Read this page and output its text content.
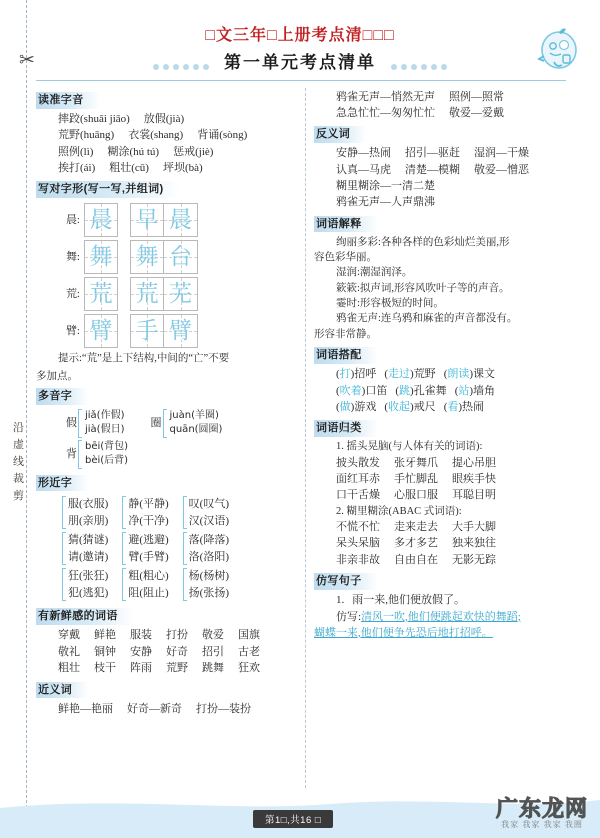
✂
沿
虚
线
裁
剪
□文三年□上册考点清□□□
第一单元考点清单
读准字音
摔跤(shuāi jiāo) 放假(jià)
荒野(huāng) 衣裳(shang) 背诵(sòng)
照例(lì) 糊涂(hú tú) 惩戒(jiè)
挨打(ái) 粗壮(cū) 坪坝(bà)
写对字形(写一写,并组词)
晨: 晨 早 晨
舞: 舞 舞 台
荒: 荒 荒 芜
臂: 臂 手 臂
提示:“荒”是上下结构,中间的“亡”不要
多加点。
多音字
假
jiǎ(作假)
jià(假日)
圈
juàn(羊圈)
quān(圆圈)
背
bēi(背包)
bèi(后背)
形近字
服(衣服)
朋(亲朋)
静(平静)
净(干净)
叹(叹气)
汉(汉语)
猜(猜谜)
请(邀请)
避(逃避)
臂(手臂)
落(降落)
洛(洛阳)
狂(张狂)
犯(逃犯)
粗(粗心)
阻(阻止)
杨(杨树)
扬(张扬)
有新鲜感的词语
穿戴 鲜艳 服装 打扮 敬爱 国旗
敬礼 铜钟 安静 好奇 招引 古老
粗壮 枝干 阵雨 荒野 跳舞 狂欢
近义词
鲜艳—艳丽 好奇—新奇 打扮—装扮
鸦雀无声—悄然无声 照例—照常
急急忙忙—匆匆忙忙 敬爱—爱戴
反义词
安静—热闹 招引—驱赶 湿润—干燥
认真—马虎 清楚—模糊 敬爱—憎恶
糊里糊涂—一清二楚
鸦雀无声—人声鼎沸
词语解释
绚丽多彩:各种各样的色彩灿烂美丽,形
容色彩华丽。
湿润:潮湿润泽。
簌簌:拟声词,形容风吹叶子等的声音。
霎时:形容极短的时间。
鸦雀无声:连乌鸦和麻雀的声音都没有。
形容非常静。
词语搭配
(打)招呼 (走过)荒野 (朗读)课文
(吹着)口笛 (跳)孔雀舞 (站)墙角
(做)游戏 (收起)戒尺 (看)热闹
词语归类
1. 摇头晃脑(与人体有关的词语):
披头散发 张牙舞爪 提心吊胆
面红耳赤 手忙脚乱 眼疾手快
口干舌燥 心服口服 耳聪目明
2. 糊里糊涂(ABAC 式词语):
不慌不忙 走来走去 大手大脚
呆头呆脑 多才多艺 独来独往
非亲非故 自由自在 无影无踪
仿写句子
1. 雨一来,他们便放假了。
仿写:清风一吹,他们便跳起欢快的舞蹈;
蝴蝶一来,他们便争先恐后地打招呼。
第1□,共16 □	广东龙网
我家 我家 我家 我圈
